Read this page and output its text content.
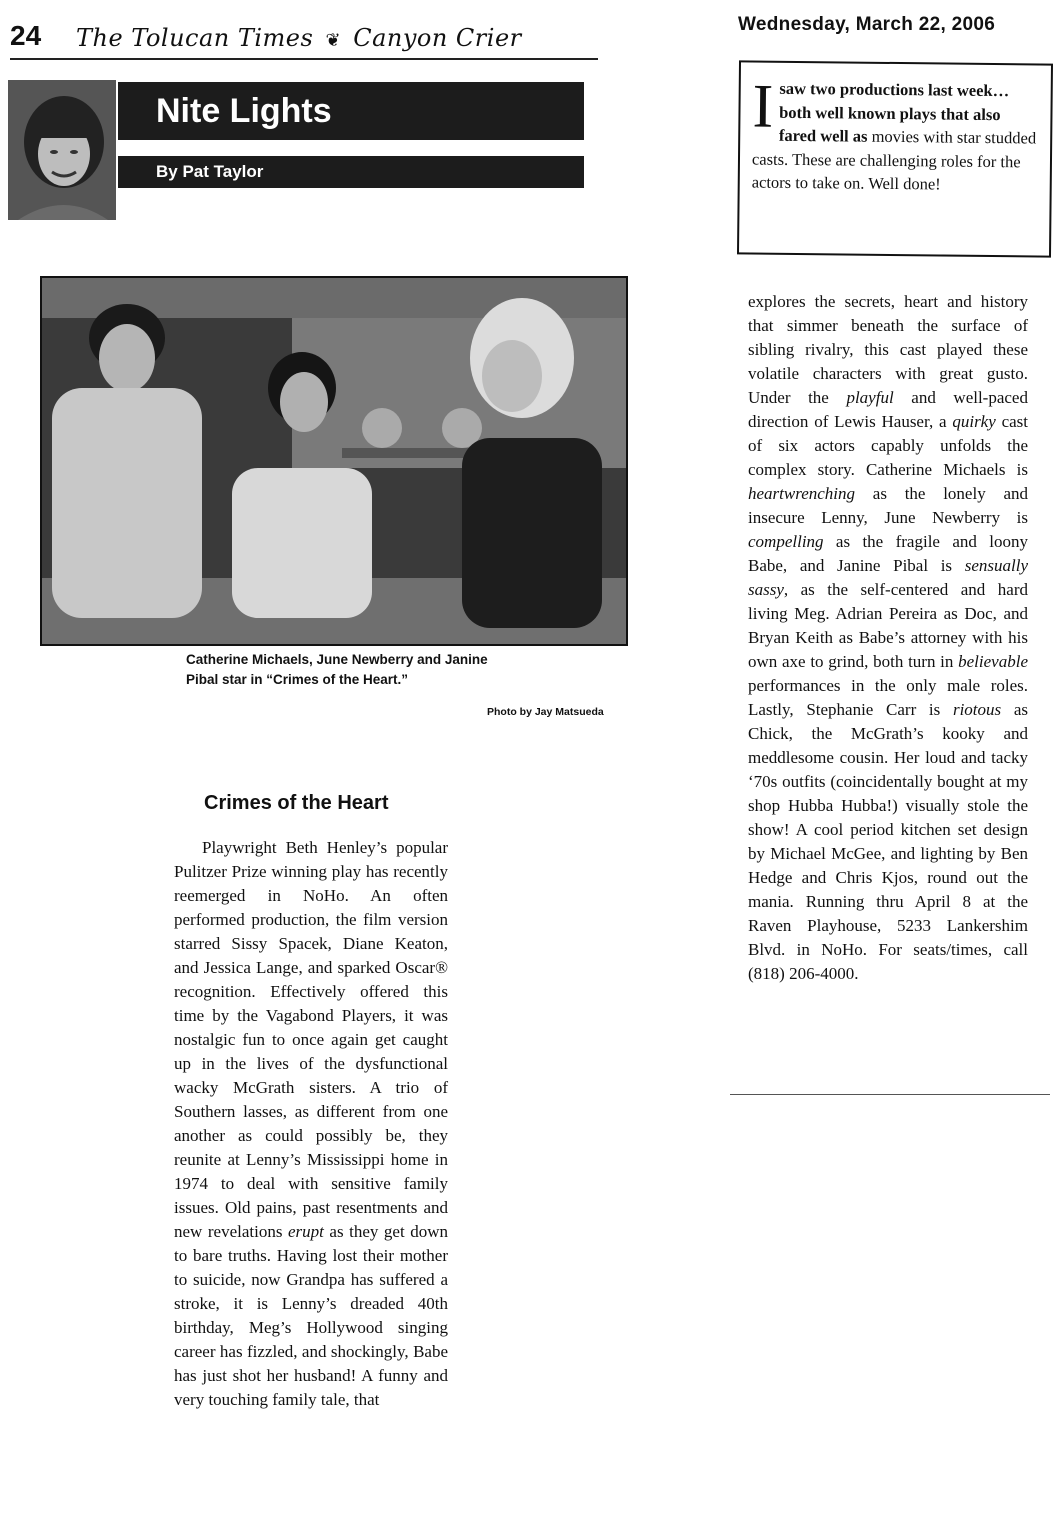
24 The Tolucan Times ❦ Canyon Crier	Wednesday, March 22, 2006
Nite Lights
By Pat Taylor
Isaw two productions last week…both well known plays that also fared well as movies with star studded casts. These are challenging roles for the actors to take on. Well done!
Catherine Michaels, June Newberry and Janine Pibal star in “Crimes of the Heart.”
Photo by Jay Matsueda
Crimes of the Heart

Playwright Beth Henley’s popular Pulitzer Prize winning play has recently reemerged in NoHo. An often performed production, the film version starred Sissy Spacek, Diane Keaton, and Jessica Lange, and sparked Oscar® recognition. Effectively offered this time by the Vagabond Players, it was nostalgic fun to once again get caught up in the lives of the dysfunctional wacky McGrath sisters. A trio of Southern lasses, as different from one another as could possibly be, they reunite at Lenny’s Mississippi home in 1974 to deal with sensitive family issues. Old pains, past resentments and new revelations erupt as they get down to bare truths. Having lost their mother to suicide, now Grandpa has suffered a stroke, it is Lenny’s dreaded 40th birthday, Meg’s Hollywood singing career has fizzled, and shockingly, Babe has just shot her husband! A funny and very touching family tale, that

explores the secrets, heart and history that simmer beneath the surface of sibling rivalry, this cast played these volatile characters with great gusto. Under the playful and well-paced direction of Lewis Hauser, a quirky cast of six actors capably unfolds the complex story. Catherine Michaels is heartwrenching as the lonely and insecure Lenny, June Newberry is compelling as the fragile and loony Babe, and Janine Pibal is sensually sassy, as the self-centered and hard living Meg. Adrian Pereira as Doc, and Bryan Keith as Babe’s attorney with his own axe to grind, both turn in believable performances in the only male roles. Lastly, Stephanie Carr is riotous as Chick, the McGrath’s kooky and meddlesome cousin. Her loud and tacky ‘70s outfits (coincidentally bought at my shop Hubba Hubba!) visually stole the show! A cool period kitchen set design by Michael McGee, and lighting by Ben Hedge and Chris Kjos, round out the mania. Running thru April 8 at the Raven Playhouse, 5233 Lankershim Blvd. in NoHo. For seats/times, call (818) 206-4000.
